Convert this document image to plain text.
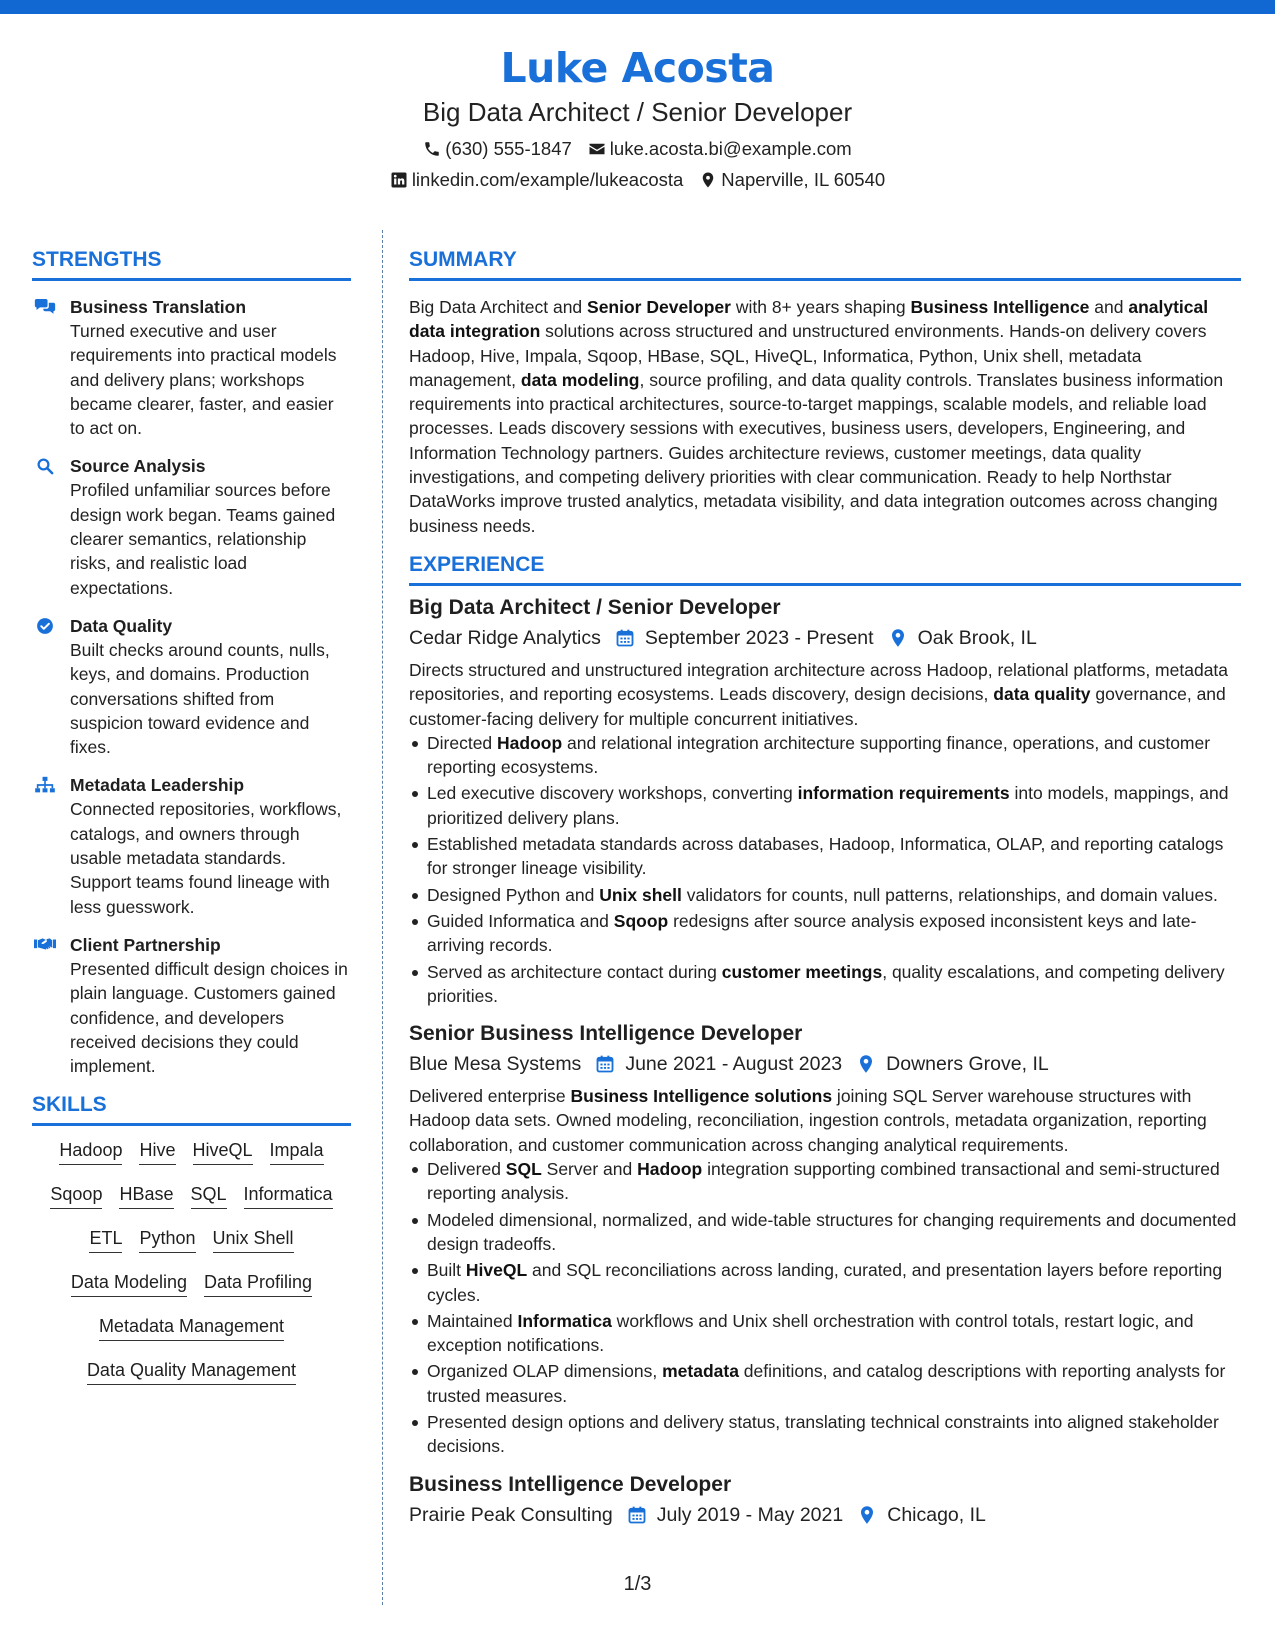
Luke Acosta
Big Data Architect / Senior Developer
(630) 555-1847 luke.acosta.bi@example.com
linkedin.com/example/lukeacosta Naperville, IL 60540
STRENGTHS
Business Translation
Turned executive and user requirements into practical models and delivery plans; workshops became clearer, faster, and easier to act on.
Source Analysis
Profiled unfamiliar sources before design work began. Teams gained clearer semantics, relationship risks, and realistic load expectations.
Data Quality
Built checks around counts, nulls, keys, and domains. Production conversations shifted from suspicion toward evidence and fixes.
Metadata Leadership
Connected repositories, workflows, catalogs, and owners through usable metadata standards. Support teams found lineage with less guesswork.
Client Partnership
Presented difficult design choices in plain language. Customers gained confidence, and developers received decisions they could implement.
SKILLS
Hadoop Hive HiveQL Impala
Sqoop HBase SQL Informatica
ETL Python Unix Shell
Data Modeling Data Profiling
Metadata Management
Data Quality Management
SUMMARY
Big Data Architect and Senior Developer with 8+ years shaping Business Intelligence and analytical data integration solutions across structured and unstructured environments. Hands-on delivery covers Hadoop, Hive, Impala, Sqoop, HBase, SQL, HiveQL, Informatica, Python, Unix shell, metadata management, data modeling, source profiling, and data quality controls. Translates business information requirements into practical architectures, source-to-target mappings, scalable models, and reliable load processes. Leads discovery sessions with executives, business users, developers, Engineering, and Information Technology partners. Guides architecture reviews, customer meetings, data quality investigations, and competing delivery priorities with clear communication. Ready to help Northstar DataWorks improve trusted analytics, metadata visibility, and data integration outcomes across changing business needs.
EXPERIENCE
Big Data Architect / Senior Developer
Cedar Ridge Analytics September 2023 - Present Oak Brook, IL
Directs structured and unstructured integration architecture across Hadoop, relational platforms, metadata repositories, and reporting ecosystems. Leads discovery, design decisions, data quality governance, and customer-facing delivery for multiple concurrent initiatives.
Directed Hadoop and relational integration architecture supporting finance, operations, and customer reporting ecosystems.
Led executive discovery workshops, converting information requirements into models, mappings, and prioritized delivery plans.
Established metadata standards across databases, Hadoop, Informatica, OLAP, and reporting catalogs for stronger lineage visibility.
Designed Python and Unix shell validators for counts, null patterns, relationships, and domain values.
Guided Informatica and Sqoop redesigns after source analysis exposed inconsistent keys and late-arriving records.
Served as architecture contact during customer meetings, quality escalations, and competing delivery priorities.
Senior Business Intelligence Developer
Blue Mesa Systems June 2021 - August 2023 Downers Grove, IL
Delivered enterprise Business Intelligence solutions joining SQL Server warehouse structures with Hadoop data sets. Owned modeling, reconciliation, ingestion controls, metadata organization, reporting collaboration, and customer communication across changing analytical requirements.
Delivered SQL Server and Hadoop integration supporting combined transactional and semi-structured reporting analysis.
Modeled dimensional, normalized, and wide-table structures for changing requirements and documented design tradeoffs.
Built HiveQL and SQL reconciliations across landing, curated, and presentation layers before reporting cycles.
Maintained Informatica workflows and Unix shell orchestration with control totals, restart logic, and exception notifications.
Organized OLAP dimensions, metadata definitions, and catalog descriptions with reporting analysts for trusted measures.
Presented design options and delivery status, translating technical constraints into aligned stakeholder decisions.
Business Intelligence Developer
Prairie Peak Consulting July 2019 - May 2021 Chicago, IL
1/3
